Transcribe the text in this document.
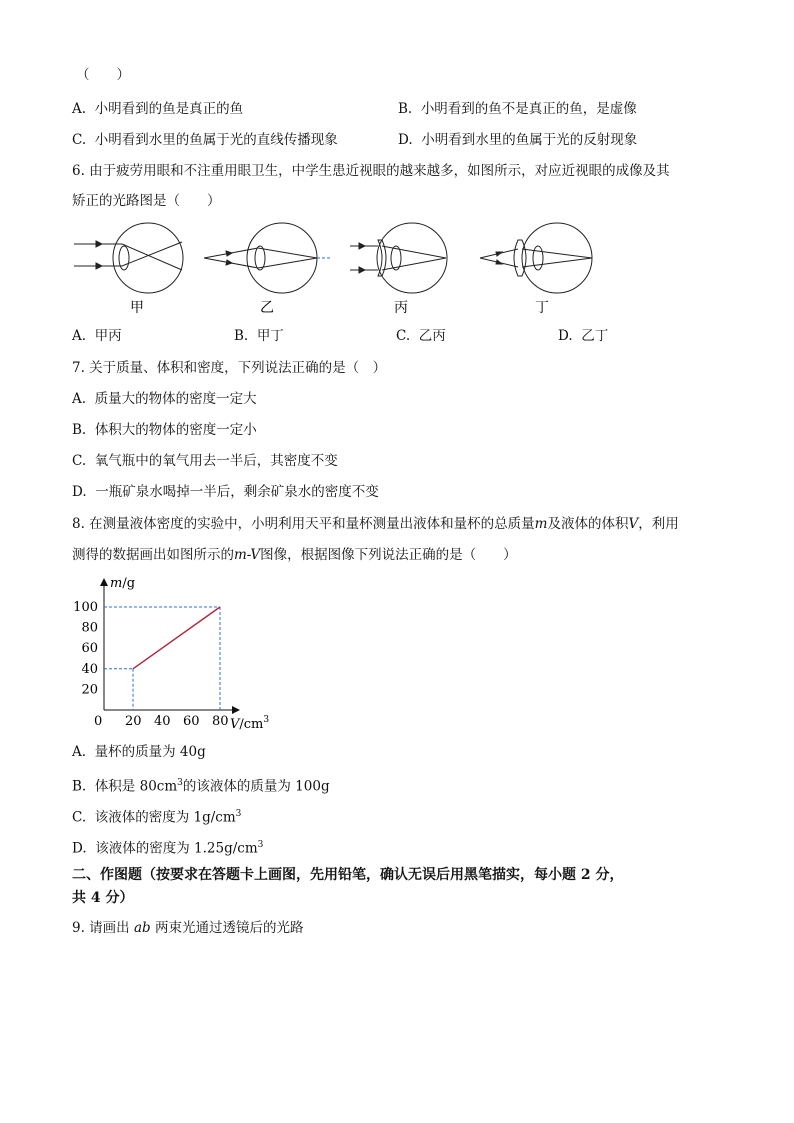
（　　）
A. 小明看到的鱼是真正的鱼	B. 小明看到的鱼不是真正的鱼，是虚像
C. 小明看到水里的鱼属于光的直线传播现象	D. 小明看到水里的鱼属于光的反射现象
6. 由于疲劳用眼和不注重用眼卫生，中学生患近视眼的越来越多，如图所示，对应近视眼的成像及其
矫正的光路图是（　　）
甲	乙	丙	丁
A. 甲丙	B. 甲丁	C. 乙丙	D. 乙丁
7. 关于质量、体积和密度，下列说法正确的是（　）
A. 质量大的物体的密度一定大
B. 体积大的物体的密度一定小
C. 氧气瓶中的氧气用去一半后，其密度不变
D. 一瓶矿泉水喝掉一半后，剩余矿泉水的密度不变
8. 在测量液体密度的实验中，小明利用天平和量杯测量出液体和量杯的总质量m及液体的体积V，利用
测得的数据画出如图所示的m-V图像，根据图像下列说法正确的是（　　）
20 40 60 80
20
40
60
80
100
0
m/g
$V/cm^3$
A. 量杯的质量为 40g
B. 体积是 $80cm^3$的该液体的质量为 100g
C. 该液体的密度为 $1g/cm^3$
D. 该液体的密度为 $1.25g/cm^3$
二、作图题（按要求在答题卡上画图，先用铅笔，确认无误后用黑笔描实，每小题 2 分，
共 4 分）
9. 请画出 ab 两束光通过透镜后的光路
